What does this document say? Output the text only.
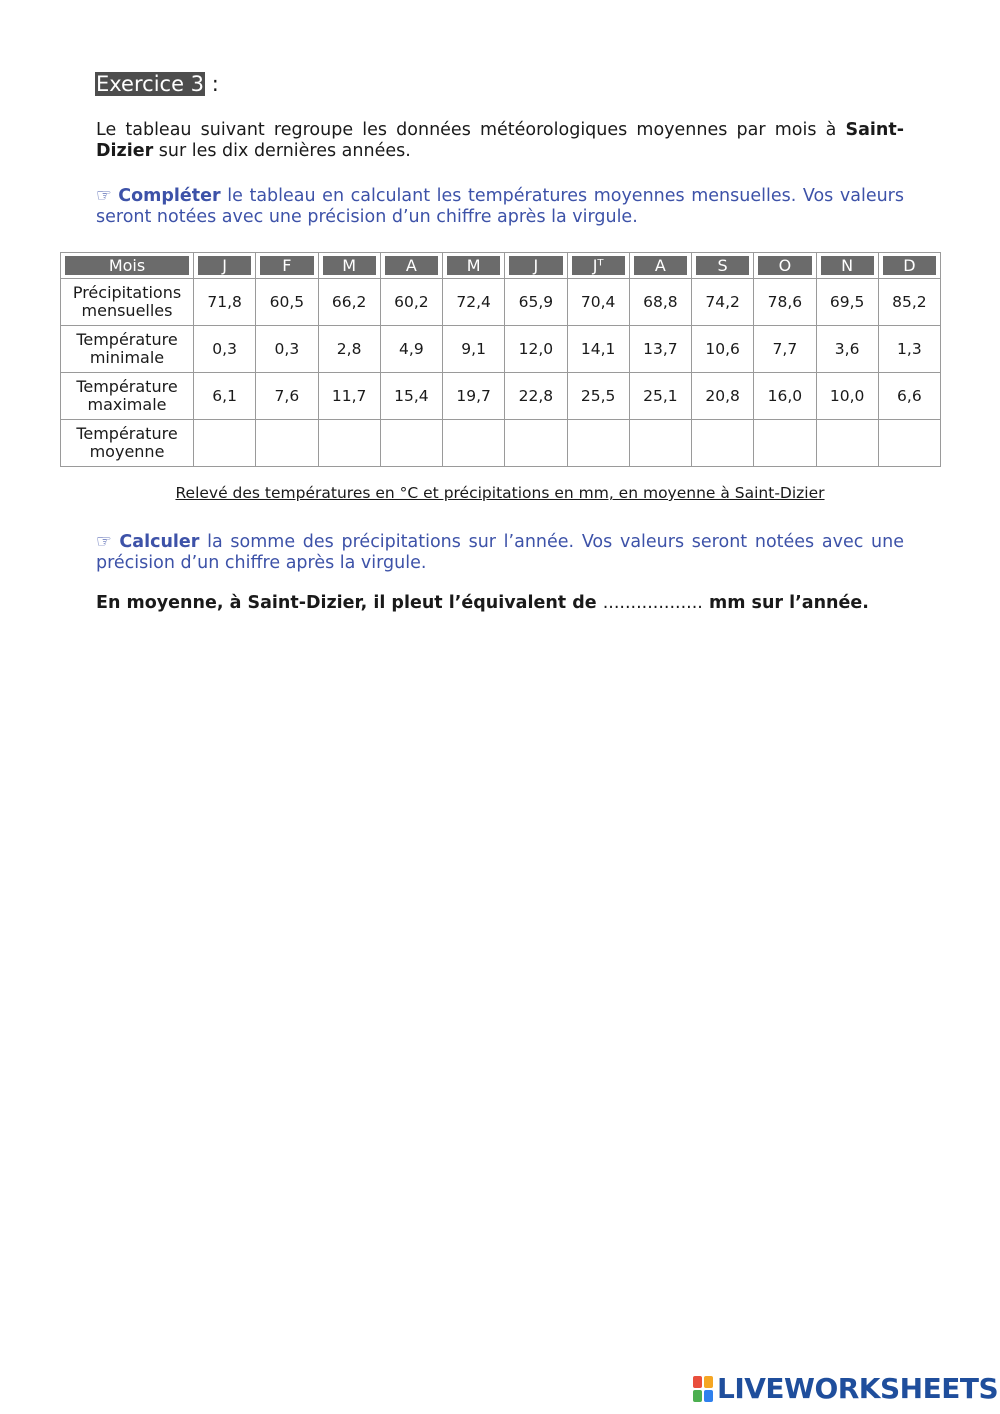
Exercice 3 :
Le tableau suivant regroupe les données météorologiques moyennes par mois à Saint-Dizier sur les dix dernières années.
☞ Compléter le tableau en calculant les températures moyennes mensuelles. Vos valeurs seront notées avec une précision d’un chiffre après la virgule.
Mois	J	F	M	A	M	J	Jᵀ	A	S	O	N	D

Précipitations
mensuelles	71,8	60,5	66,2	60,2	72,4	65,9	70,4	68,8	74,2	78,6	69,5	85,2
Température
minimale	0,3	0,3	2,8	4,9	9,1	12,0	14,1	13,7	10,6	7,7	3,6	1,3
Température
maximale	6,1	7,6	11,7	15,4	19,7	22,8	25,5	25,1	20,8	16,0	10,0	6,6
Température
moyenne												
Relevé des températures en °C et précipitations en mm, en moyenne à Saint-Dizier
☞ Calculer la somme des précipitations sur l’année. Vos valeurs seront notées avec une précision d’un chiffre après la virgule.
En moyenne, à Saint-Dizier, il pleut l’équivalent de .................. mm sur l’année.
LIVEWORKSHEETS
